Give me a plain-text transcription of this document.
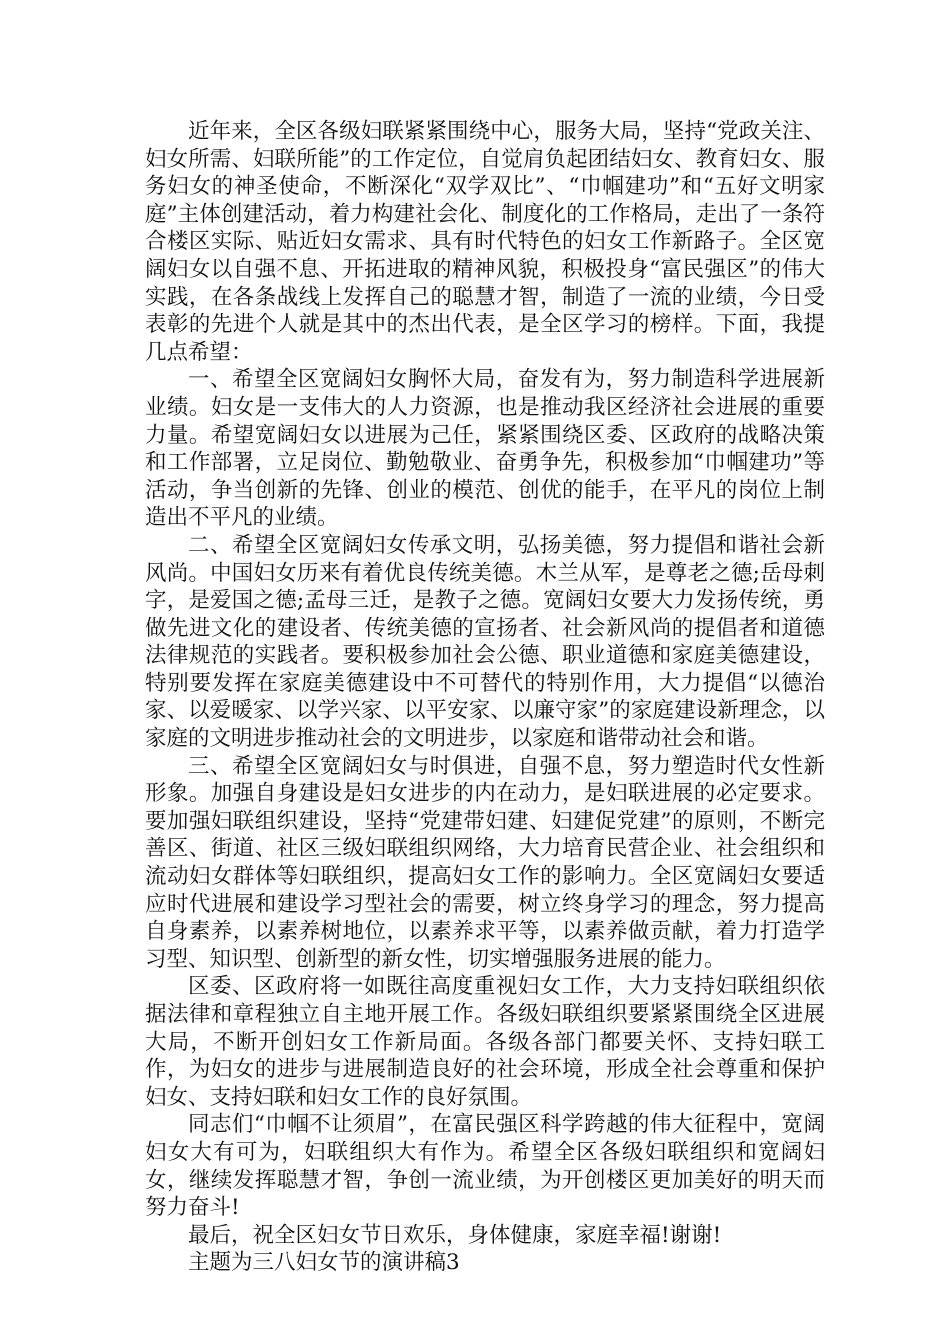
近年来，全区各级妇联紧紧围绕中心，服务大局，坚持“党政关注、妇女所需、妇联所能”的工作定位，自觉肩负起团结妇女、教育妇女、服务妇女的神圣使命，不断深化“双学双比”、“巾帼建功”和“五好文明家庭”主体创建活动，着力构建社会化、制度化的工作格局，走出了一条符合楼区实际、贴近妇女需求、具有时代特色的妇女工作新路子。全区宽阔妇女以自强不息、开拓进取的精神风貌，积极投身“富民强区”的伟大实践，在各条战线上发挥自己的聪慧才智，制造了一流的业绩，今日受表彰的先进个人就是其中的杰出代表，是全区学习的榜样。下面，我提几点希望：

一、希望全区宽阔妇女胸怀大局，奋发有为，努力制造科学进展新业绩。妇女是一支伟大的人力资源，也是推动我区经济社会进展的重要力量。希望宽阔妇女以进展为己任，紧紧围绕区委、区政府的战略决策和工作部署，立足岗位、勤勉敬业、奋勇争先，积极参加“巾帼建功”等活动，争当创新的先锋、创业的模范、创优的能手，在平凡的岗位上制造出不平凡的业绩。

二、希望全区宽阔妇女传承文明，弘扬美德，努力提倡和谐社会新风尚。中国妇女历来有着优良传统美德。木兰从军，是尊老之德;岳母刺字，是爱国之德;孟母三迁，是教子之德。宽阔妇女要大力发扬传统，勇做先进文化的建设者、传统美德的宣扬者、社会新风尚的提倡者和道德法律规范的实践者。要积极参加社会公德、职业道德和家庭美德建设，特别要发挥在家庭美德建设中不可替代的特别作用，大力提倡“以德治家、以爱暖家、以学兴家、以平安家、以廉守家”的家庭建设新理念，以家庭的文明进步推动社会的文明进步，以家庭和谐带动社会和谐。

三、希望全区宽阔妇女与时俱进，自强不息，努力塑造时代女性新形象。加强自身建设是妇女进步的内在动力，是妇联进展的必定要求。要加强妇联组织建设，坚持“党建带妇建、妇建促党建”的原则，不断完善区、街道、社区三级妇联组织网络，大力培育民营企业、社会组织和流动妇女群体等妇联组织，提高妇女工作的影响力。全区宽阔妇女要适应时代进展和建设学习型社会的需要，树立终身学习的理念，努力提高自身素养，以素养树地位，以素养求平等，以素养做贡献，着力打造学习型、知识型、创新型的新女性，切实增强服务进展的能力。

区委、区政府将一如既往高度重视妇女工作，大力支持妇联组织依据法律和章程独立自主地开展工作。各级妇联组织要紧紧围绕全区进展大局，不断开创妇女工作新局面。各级各部门都要关怀、支持妇联工作，为妇女的进步与进展制造良好的社会环境，形成全社会尊重和保护妇女、支持妇联和妇女工作的良好氛围。

同志们“巾帼不让须眉”，在富民强区科学跨越的伟大征程中，宽阔妇女大有可为，妇联组织大有作为。希望全区各级妇联组织和宽阔妇女，继续发挥聪慧才智，争创一流业绩，为开创楼区更加美好的明天而努力奋斗!

最后，祝全区妇女节日欢乐，身体健康，家庭幸福!谢谢!

主题为三八妇女节的演讲稿3
